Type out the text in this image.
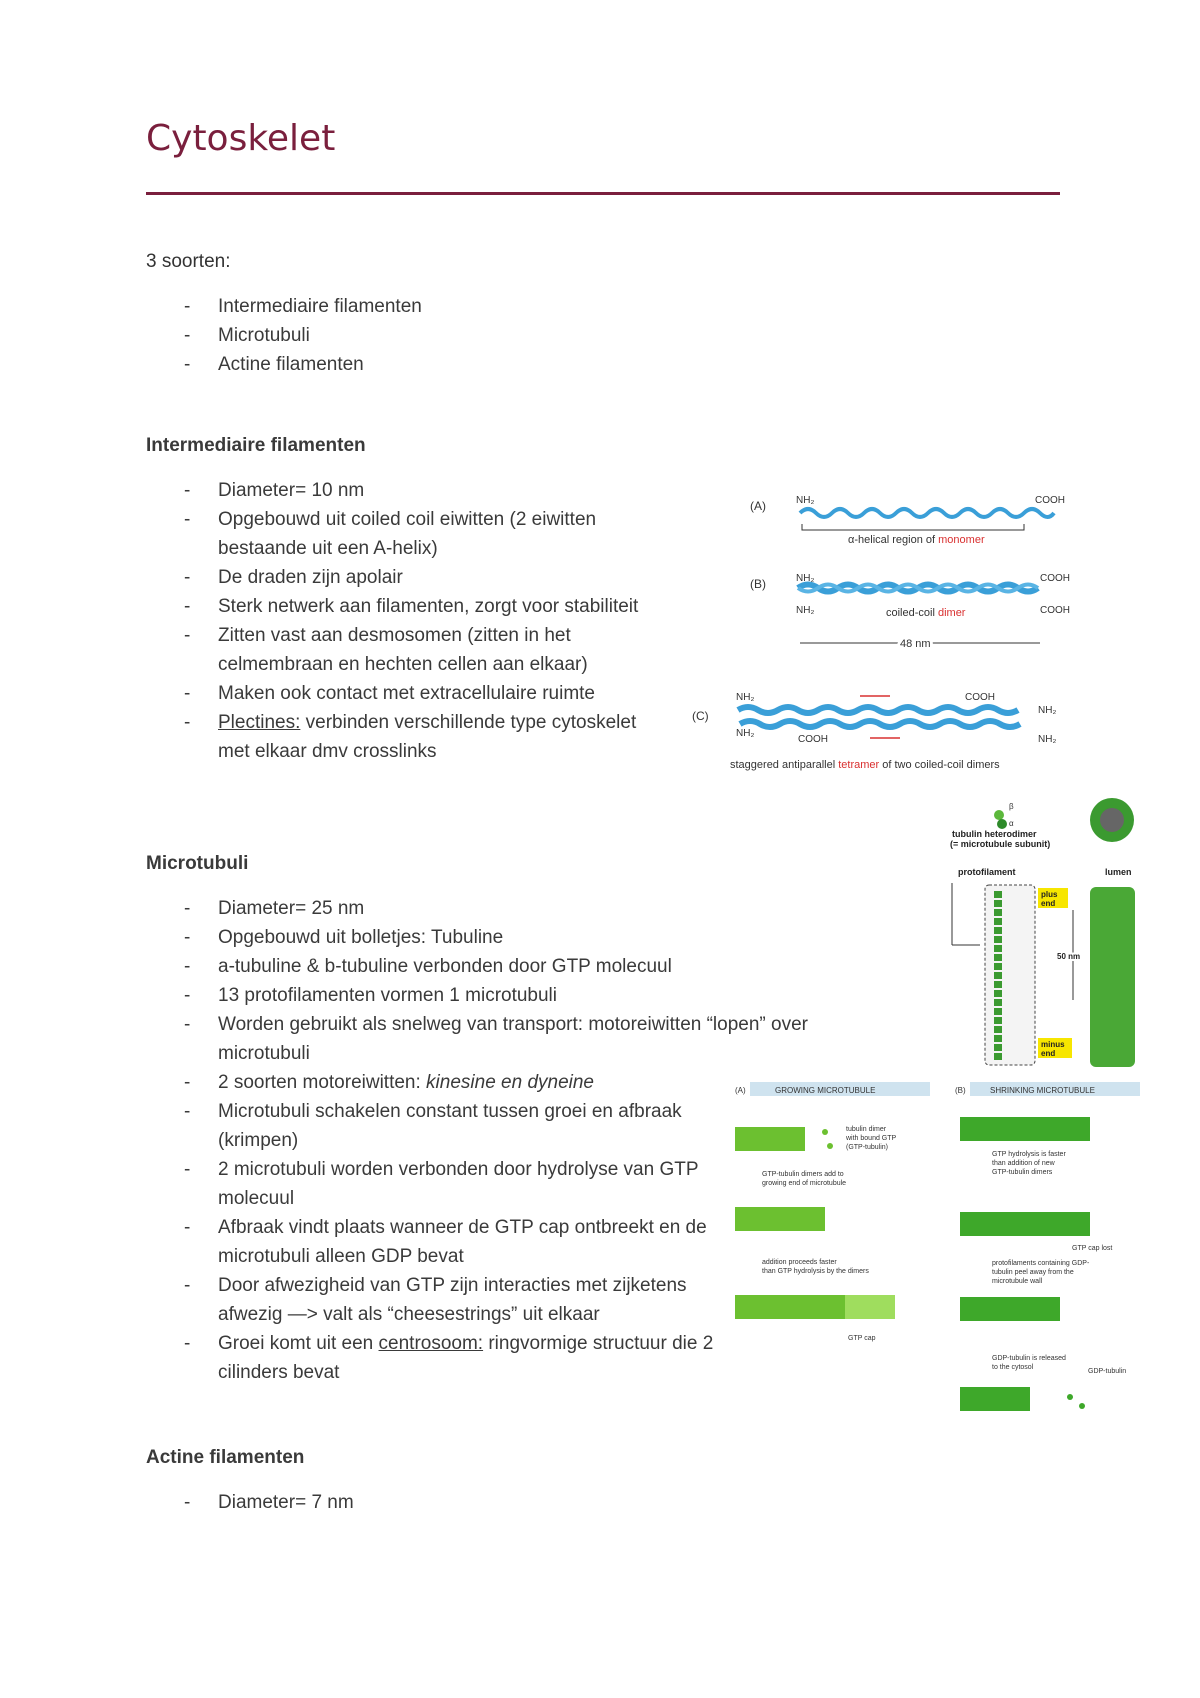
Cytoskelet
3 soorten:
- Intermediaire filamenten
- Microtubuli
- Actine filamenten
Intermediaire filamenten
- Diameter= 10 nm
- Opgebouwd uit coiled coil eiwitten (2 eiwitten bestaande uit een A-helix)
- De draden zijn apolair
- Sterk netwerk aan filamenten, zorgt voor stabiliteit
- Zitten vast aan desmosomen (zitten in het celmembraan en hechten cellen aan elkaar)
- Maken ook contact met extracellulaire ruimte
- Plectines: verbinden verschillende type cytoskelet met elkaar dmv crosslinks
Microtubuli
- Diameter= 25 nm
- Opgebouwd uit bolletjes: Tubuline
- a-tubuline & b-tubuline verbonden door GTP molecuul
- 13 protofilamenten vormen 1 microtubuli
- Worden gebruikt als snelweg van transport: motoreiwitten “lopen” over microtubuli
- 2 soorten motoreiwitten: kinesine en dyneine
- Microtubuli schakelen constant tussen groei en afbraak (krimpen)
- 2 microtubuli worden verbonden door hydrolyse van GTP molecuul
- Afbraak vindt plaats wanneer de GTP cap ontbreekt en de microtubuli alleen GDP bevat
- Door afwezigheid van GTP zijn interacties met zijketens afwezig —> valt als “cheesestrings” uit elkaar
- Groei komt uit een centrosoom: ringvormige structuur die 2 cilinders bevat
Actine filamenten
- Diameter= 7 nm
(A)	NH₂	COOH
α-helical region of monomer
(B)	NH₂	COOH
NH₂	COOH
coiled-coil dimer
48 nm
(C)
NH₂	COOH
NH₂
NH₂
COOH	NH₂
staggered antiparallel tetramer of two coiled-coil dimers
β
α
tubulin heterodimer
(= microtubule subunit)
protofilament
plus
end
minus
end
50 nm
lumen
(A)	GROWING MICROTUBULE	(B)	SHRINKING MICROTUBULE
tubulin dimer
with bound GTP
(GTP-tubulin)
GTP-tubulin dimers add to
growing end of microtubule
addition proceeds faster
than GTP hydrolysis by the dimers
GTP cap
GTP hydrolysis is faster
than addition of new
GTP-tubulin dimers
GTP cap lost
protofilaments containing GDP-
tubulin peel away from the
microtubule wall
GDP-tubulin is released
to the cytosol
GDP-tubulin
